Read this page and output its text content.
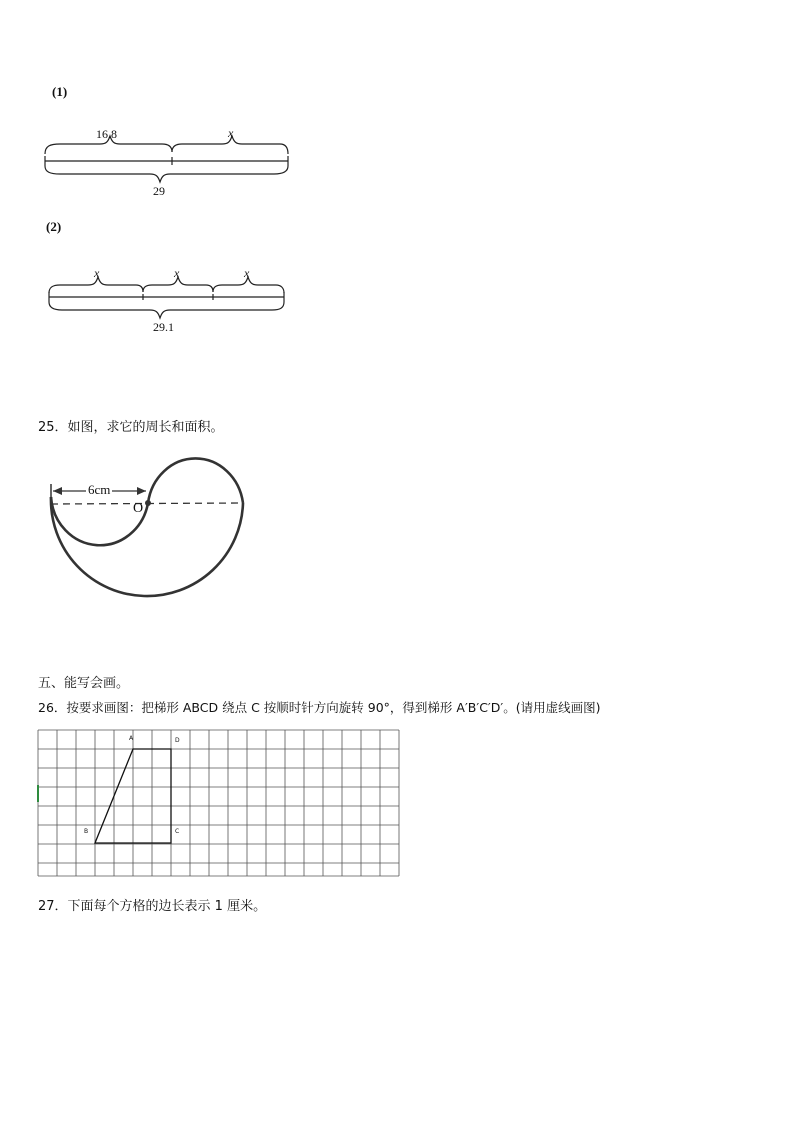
(1)
16.8	x
29
(2)
x	x	x
29.1
25．如图，求它的周长和面积。
6cm
O
五、能写会画。
26．按要求画图：把梯形 ABCD 绕点 C 按顺时针方向旋转 90°，得到梯形 A′B′C′D′。(请用虚线画图)
A	D
B	C
27．下面每个方格的边长表示 1 厘米。
